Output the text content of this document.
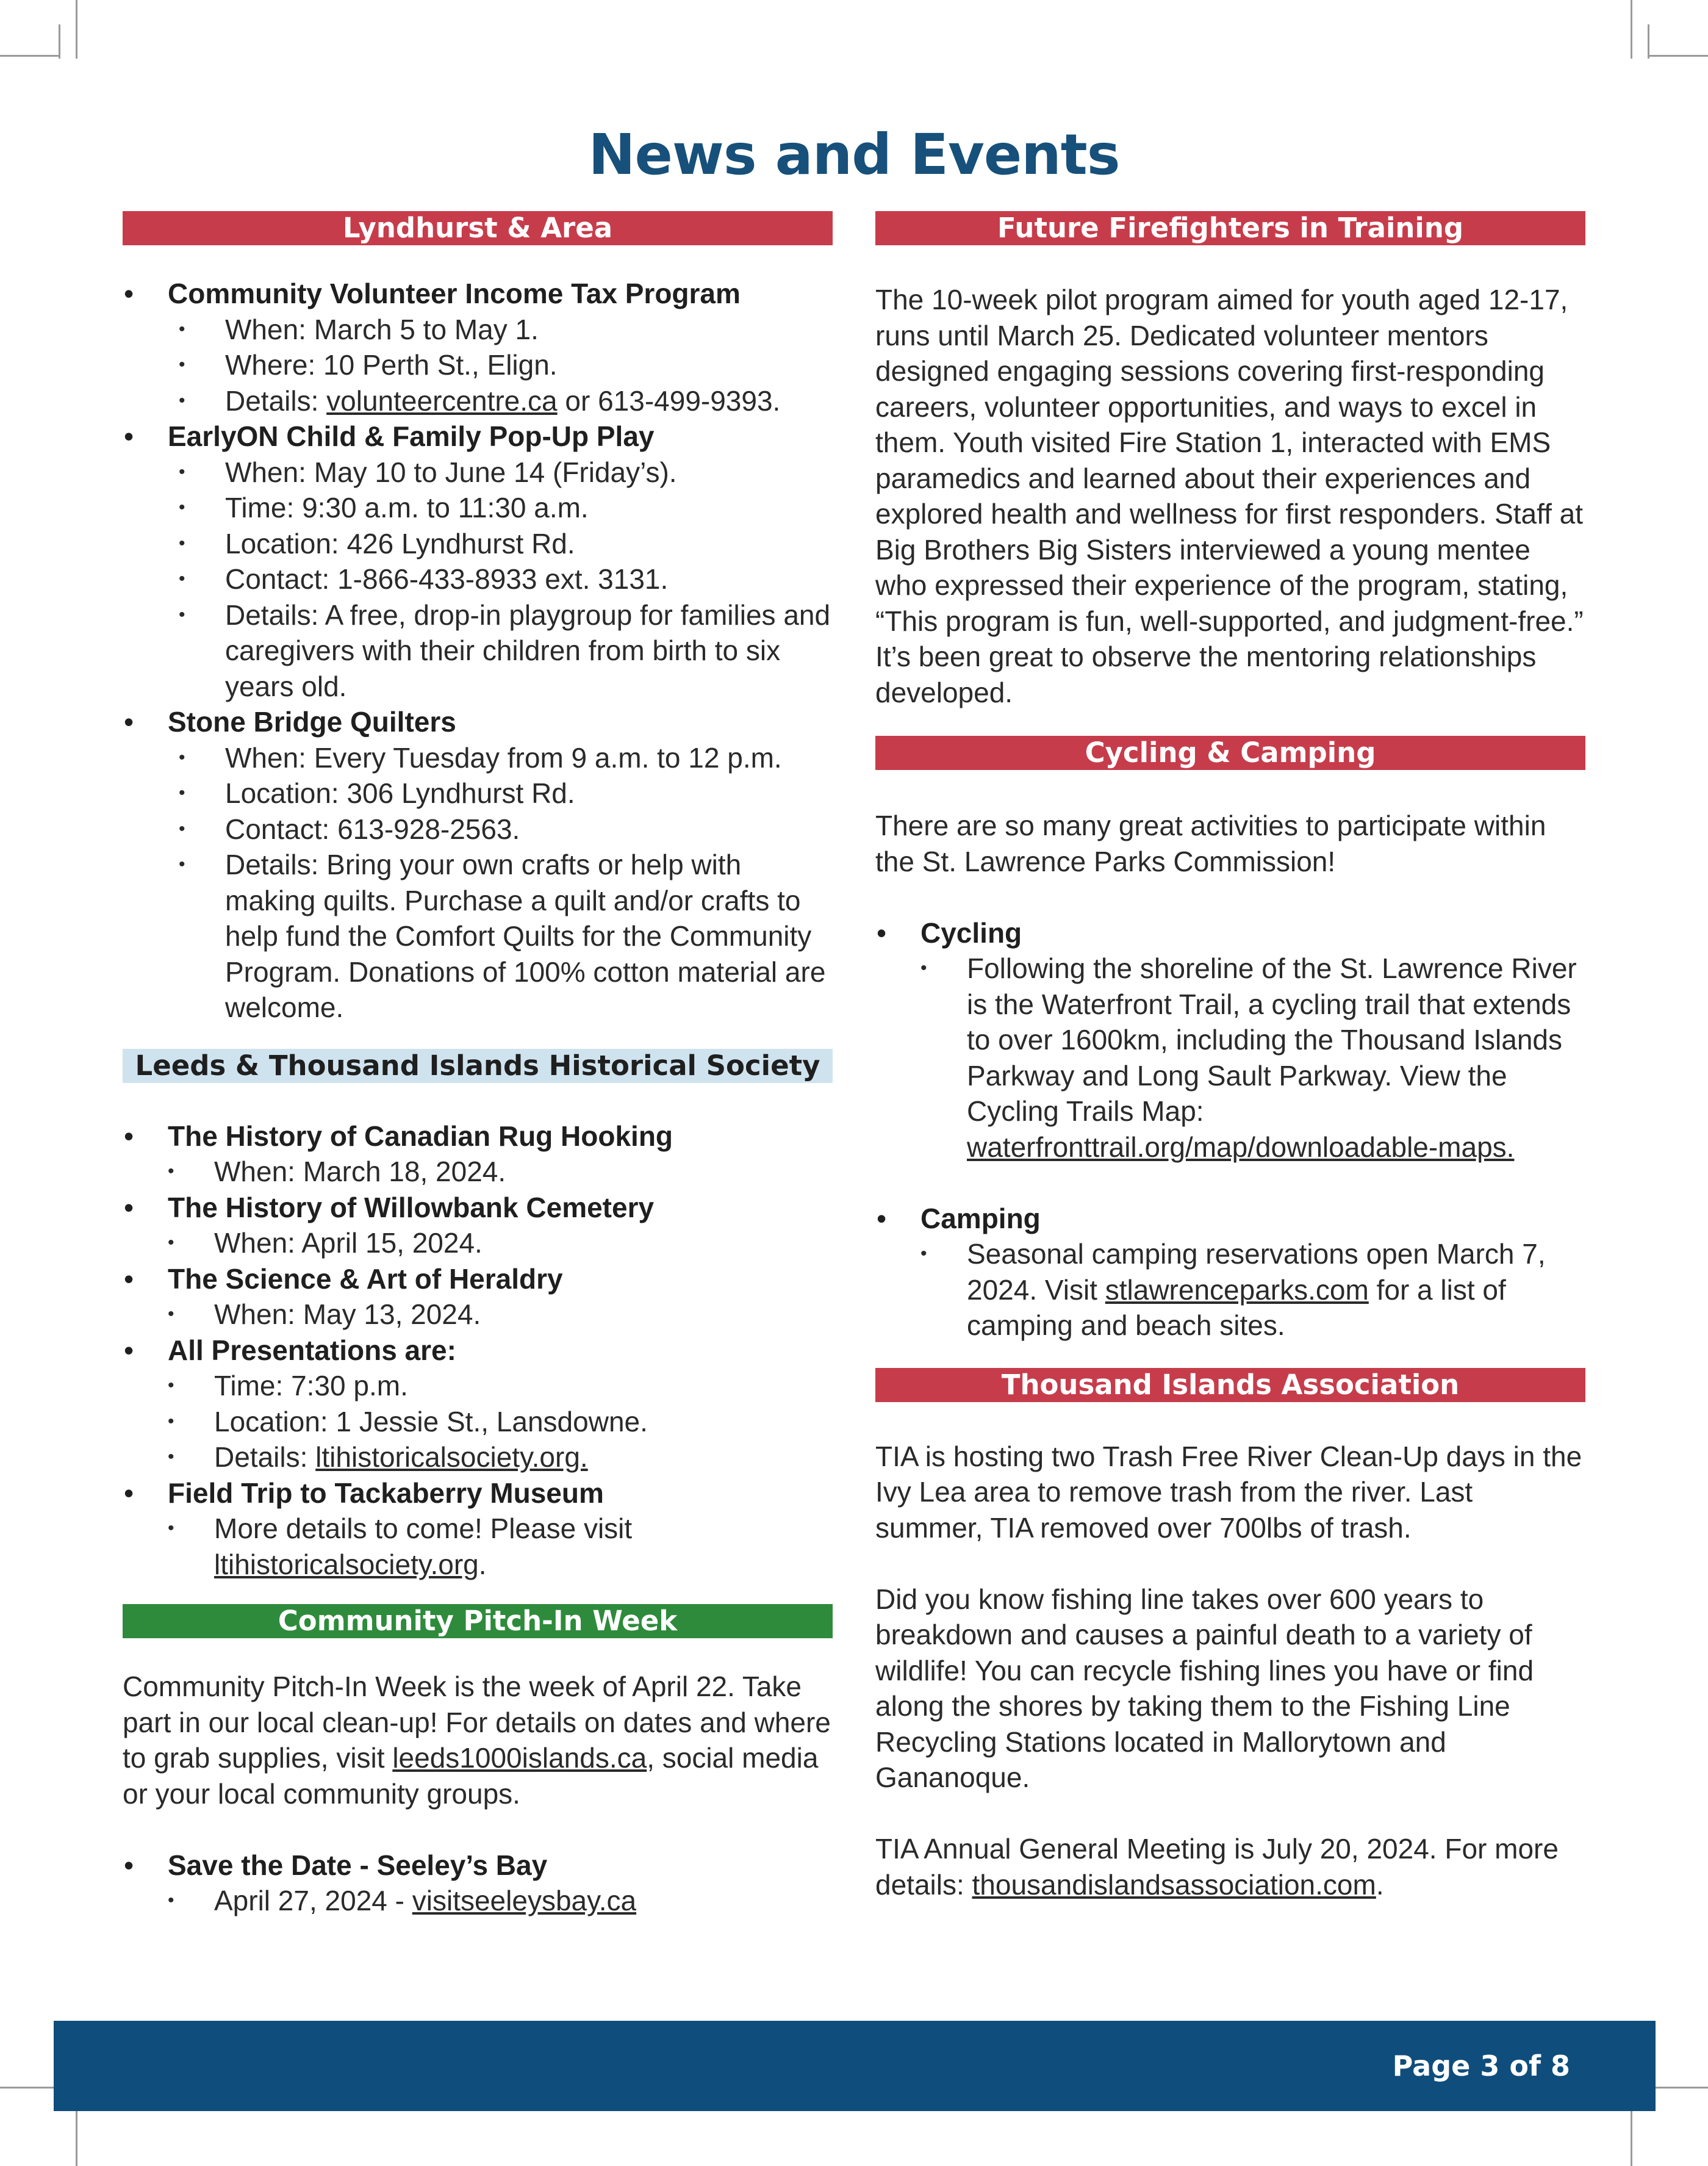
News and Events
Lyndhurst & Area
• Community Volunteer Income Tax Program
• When: March 5 to May 1.
• Where: 10 Perth St., Elign.
• Details: volunteercentre.ca or 613-499-9393.
• EarlyON Child & Family Pop-Up Play
• When: May 10 to June 14 (Friday’s).
• Time: 9:30 a.m. to 11:30 a.m.
• Location: 426 Lyndhurst Rd.
• Contact: 1-866-433-8933 ext. 3131.
• Details: A free, drop-in playgroup for families and caregivers with their children from birth to six years old.
• Stone Bridge Quilters
• When: Every Tuesday from 9 a.m. to 12 p.m.
• Location: 306 Lyndhurst Rd.
• Contact: 613-928-2563.
• Details: Bring your own crafts or help with making quilts. Purchase a quilt and/or crafts to help fund the Comfort Quilts for the Community Program. Donations of 100% cotton material are welcome.
Leeds & Thousand Islands Historical Society
• The History of Canadian Rug Hooking
• When: March 18, 2024.
• The History of Willowbank Cemetery
• When: April 15, 2024.
• The Science & Art of Heraldry
• When: May 13, 2024.
• All Presentations are:
• Time: 7:30 p.m.
• Location: 1 Jessie St., Lansdowne.
• Details: ltihistoricalsociety.org.
• Field Trip to Tackaberry Museum
• More details to come! Please visit ltihistoricalsociety.org.
Community Pitch-In Week

Community Pitch-In Week is the week of April 22. Take part in our local clean-up! For details on dates and where to grab supplies, visit leeds1000islands.ca, social media or your local community groups.

• Save the Date - Seeley’s Bay
• April 27, 2024 - visitseeleysbay.ca
Future Firefighters in Training

The 10-week pilot program aimed for youth aged 12-17, runs until March 25. Dedicated volunteer mentors designed engaging sessions covering first-responding careers, volunteer opportunities, and ways to excel in them. Youth visited Fire Station 1, interacted with EMS paramedics and learned about their experiences and explored health and wellness for first responders. Staff at Big Brothers Big Sisters interviewed a young mentee who expressed their experience of the program, stating, “This program is fun, well-supported, and judgment-free.” It’s been great to observe the mentoring relationships developed.

Cycling & Camping

There are so many great activities to participate within the St. Lawrence Parks Commission!

• Cycling
• Following the shoreline of the St. Lawrence River is the Waterfront Trail, a cycling trail that extends to over 1600km, including the Thousand Islands Parkway and Long Sault Parkway. View the Cycling Trails Map: waterfronttrail.org/map/downloadable-maps.
• Camping
• Seasonal camping reservations open March 7, 2024. Visit stlawrenceparks.com for a list of camping and beach sites.
Thousand Islands Association

TIA is hosting two Trash Free River Clean-Up days in the Ivy Lea area to remove trash from the river. Last summer, TIA removed over 700lbs of trash.

Did you know fishing line takes over 600 years to breakdown and causes a painful death to a variety of wildlife! You can recycle fishing lines you have or find along the shores by taking them to the Fishing Line Recycling Stations located in Mallorytown and Gananoque.

TIA Annual General Meeting is July 20, 2024. For more details: thousandislandsassociation.com.

Page 3 of 8
